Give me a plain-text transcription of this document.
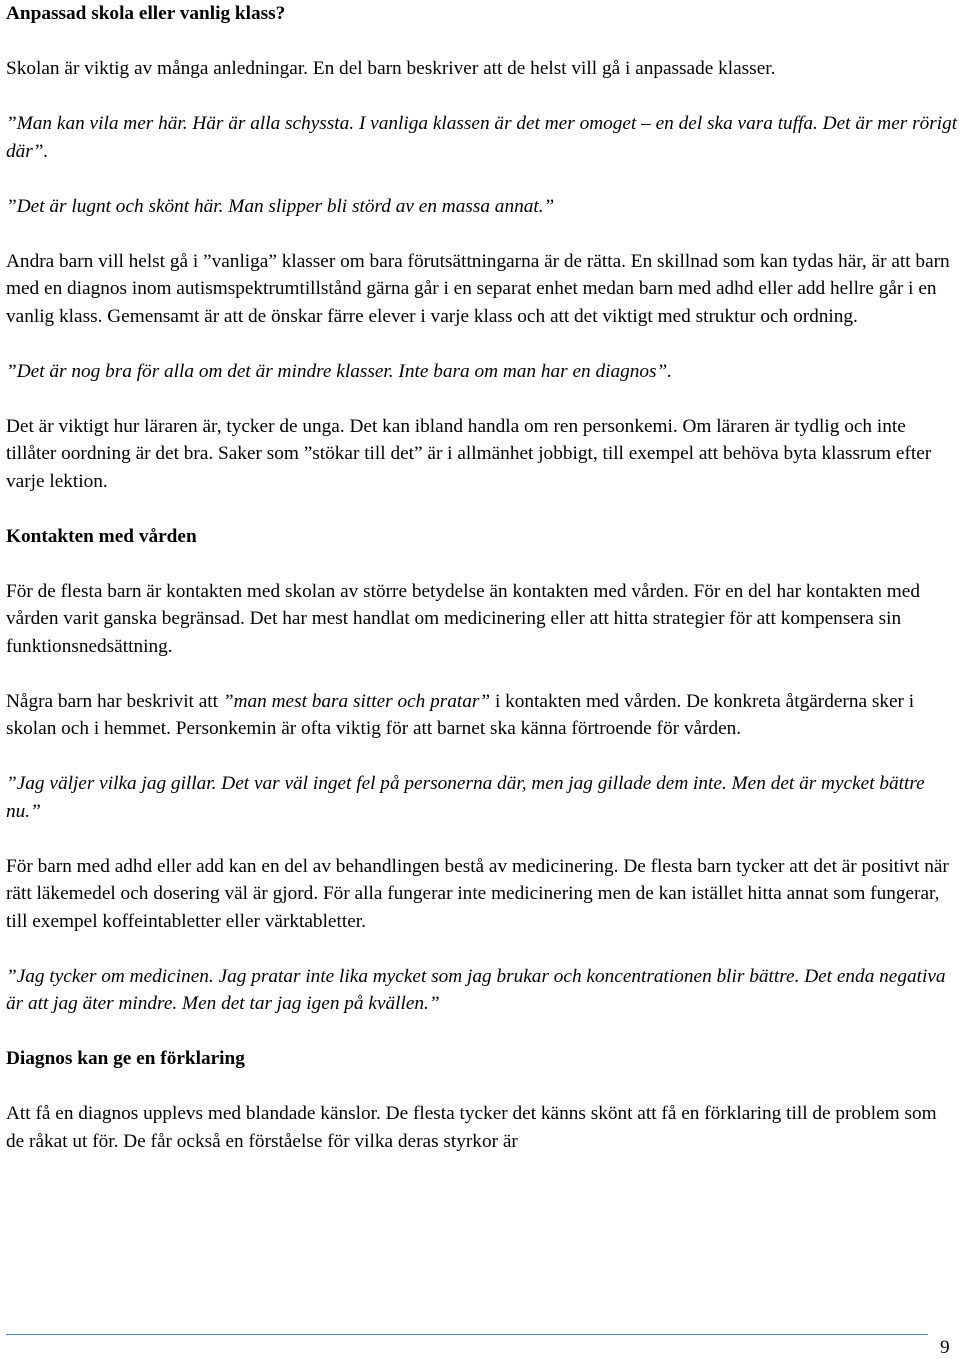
Anpassad skola eller vanlig klass?

Skolan är viktig av många anledningar. En del barn beskriver att de helst vill gå i anpassade klasser.

”Man kan vila mer här. Här är alla schyssta. I vanliga klassen är det mer omoget – en del ska vara tuffa. Det är mer rörigt där”.

”Det är lugnt och skönt här. Man slipper bli störd av en massa annat.”

Andra barn vill helst gå i ”vanliga” klasser om bara förutsättningarna är de rätta. En skillnad som kan tydas här, är att barn med en diagnos inom autismspektrumtillstånd gärna går i en separat enhet medan barn med adhd eller add hellre går i en vanlig klass. Gemensamt är att de önskar färre elever i varje klass och att det viktigt med struktur och ordning.

”Det är nog bra för alla om det är mindre klasser. Inte bara om man har en diagnos”.

Det är viktigt hur läraren är, tycker de unga. Det kan ibland handla om ren personkemi. Om läraren är tydlig och inte tillåter oordning är det bra. Saker som ”stökar till det” är i allmänhet jobbigt, till exempel att behöva byta klassrum efter varje lektion.

Kontakten med vården

För de flesta barn är kontakten med skolan av större betydelse än kontakten med vården. För en del har kontakten med vården varit ganska begränsad. Det har mest handlat om medicinering eller att hitta strategier för att kompensera sin funktionsnedsättning.

Några barn har beskrivit att ”man mest bara sitter och pratar” i kontakten med vården. De konkreta åtgärderna sker i skolan och i hemmet. Personkemin är ofta viktig för att barnet ska känna förtroende för vården.

”Jag väljer vilka jag gillar. Det var väl inget fel på personerna där, men jag gillade dem inte. Men det är mycket bättre nu.”

För barn med adhd eller add kan en del av behandlingen bestå av medicinering. De flesta barn tycker att det är positivt när rätt läkemedel och dosering väl är gjord. För alla fungerar inte medicinering men de kan istället hitta annat som fungerar, till exempel koffeintabletter eller värktabletter.

”Jag tycker om medicinen. Jag pratar inte lika mycket som jag brukar och koncentrationen blir bättre. Det enda negativa är att jag äter mindre. Men det tar jag igen på kvällen.”

Diagnos kan ge en förklaring

Att få en diagnos upplevs med blandade känslor. De flesta tycker det känns skönt att få en förklaring till de problem som de råkat ut för. De får också en förståelse för vilka deras styrkor är

9
